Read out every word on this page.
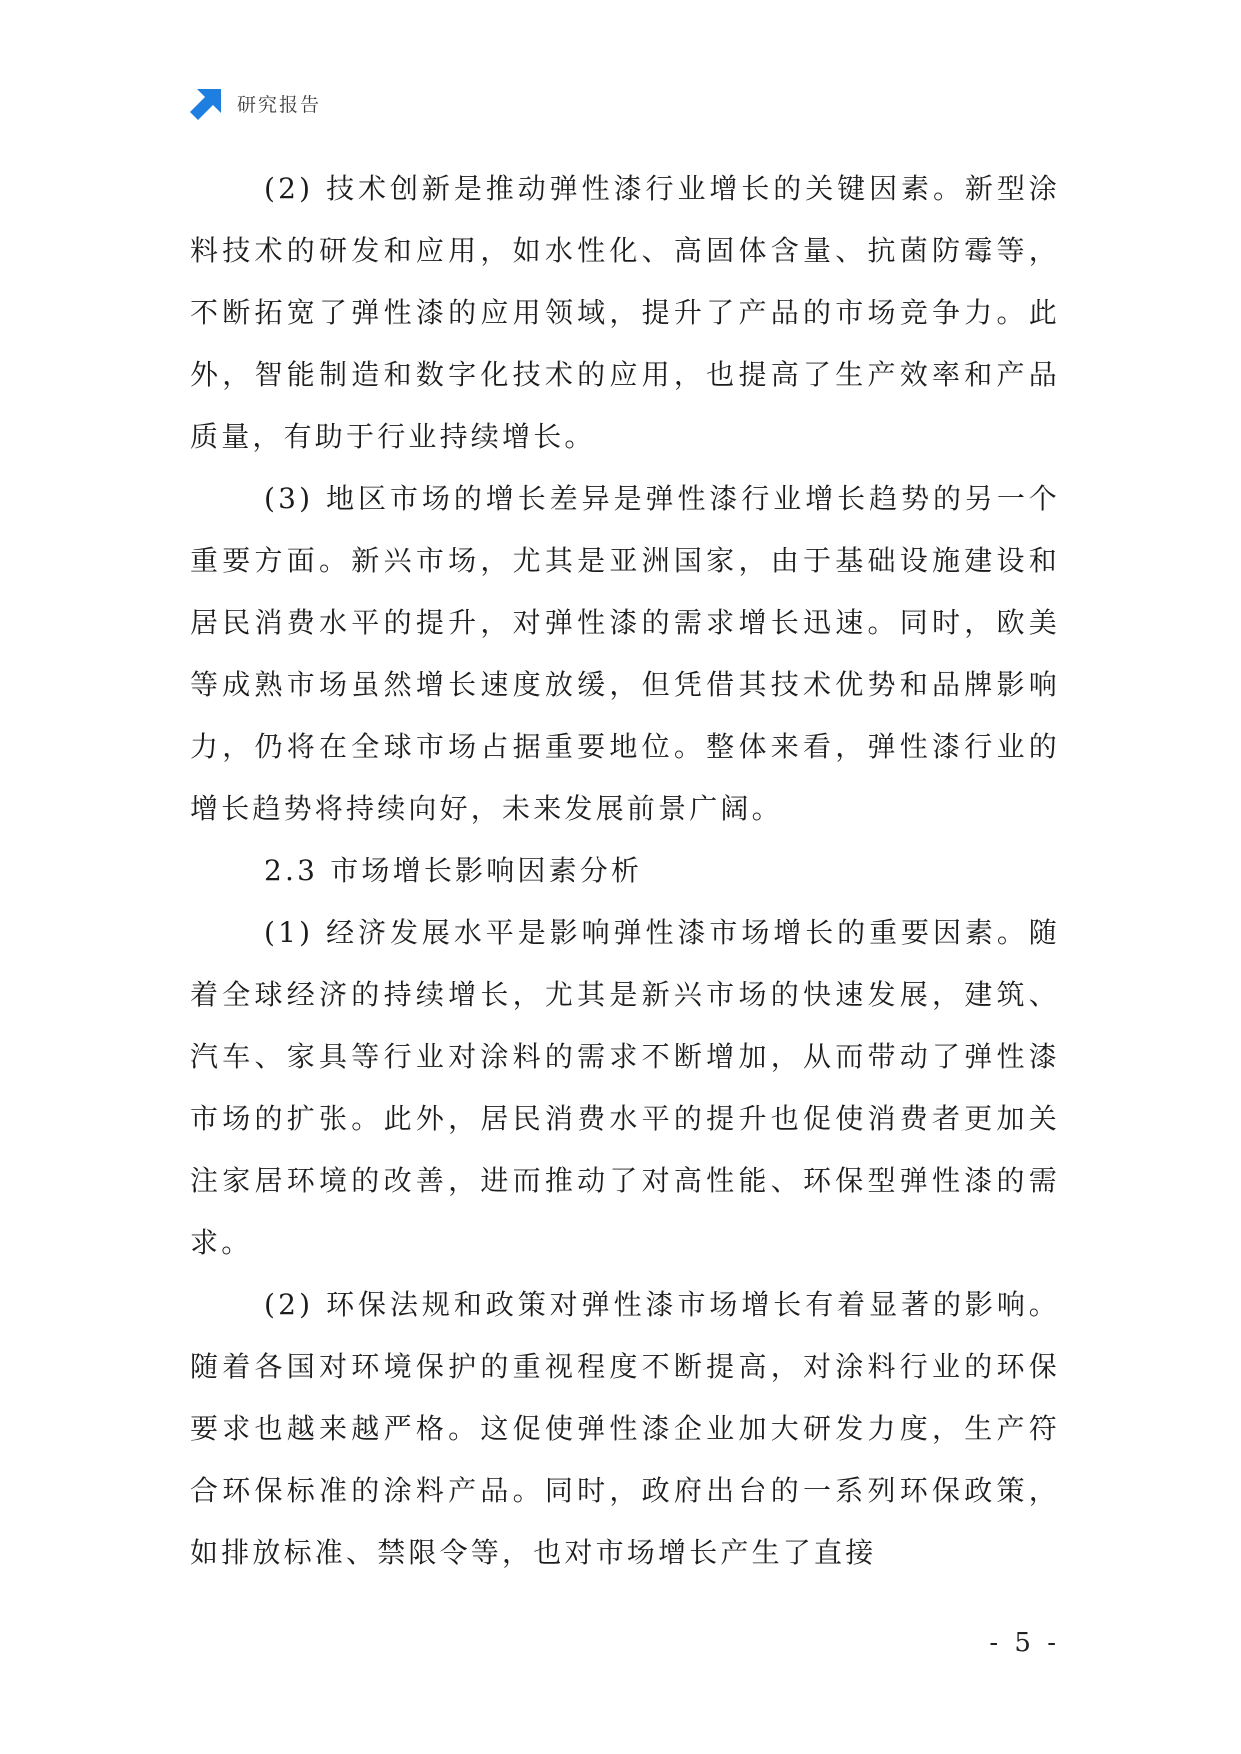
研究报告

(2) 技术创新是推动弹性漆行业增长的关键因素。新型涂料技术的研发和应用，如水性化、高固体含量、抗菌防霉等，不断拓宽了弹性漆的应用领域，提升了产品的市场竞争力。此外，智能制造和数字化技术的应用，也提高了生产效率和产品质量，有助于行业持续增长。

(3) 地区市场的增长差异是弹性漆行业增长趋势的另一个重要方面。新兴市场，尤其是亚洲国家，由于基础设施建设和居民消费水平的提升，对弹性漆的需求增长迅速。同时，欧美等成熟市场虽然增长速度放缓，但凭借其技术优势和品牌影响力，仍将在全球市场占据重要地位。整体来看，弹性漆行业的增长趋势将持续向好，未来发展前景广阔。

2.3 市场增长影响因素分析

(1) 经济发展水平是影响弹性漆市场增长的重要因素。随着全球经济的持续增长，尤其是新兴市场的快速发展，建筑、汽车、家具等行业对涂料的需求不断增加，从而带动了弹性漆市场的扩张。此外，居民消费水平的提升也促使消费者更加关注家居环境的改善，进而推动了对高性能、环保型弹性漆的需求。

(2) 环保法规和政策对弹性漆市场增长有着显著的影响。随着各国对环境保护的重视程度不断提高，对涂料行业的环保要求也越来越严格。这促使弹性漆企业加大研发力度，生产符合环保标准的涂料产品。同时，政府出台的一系列环保政策，如排放标准、禁限令等，也对市场增长产生了直接

- 5 -
